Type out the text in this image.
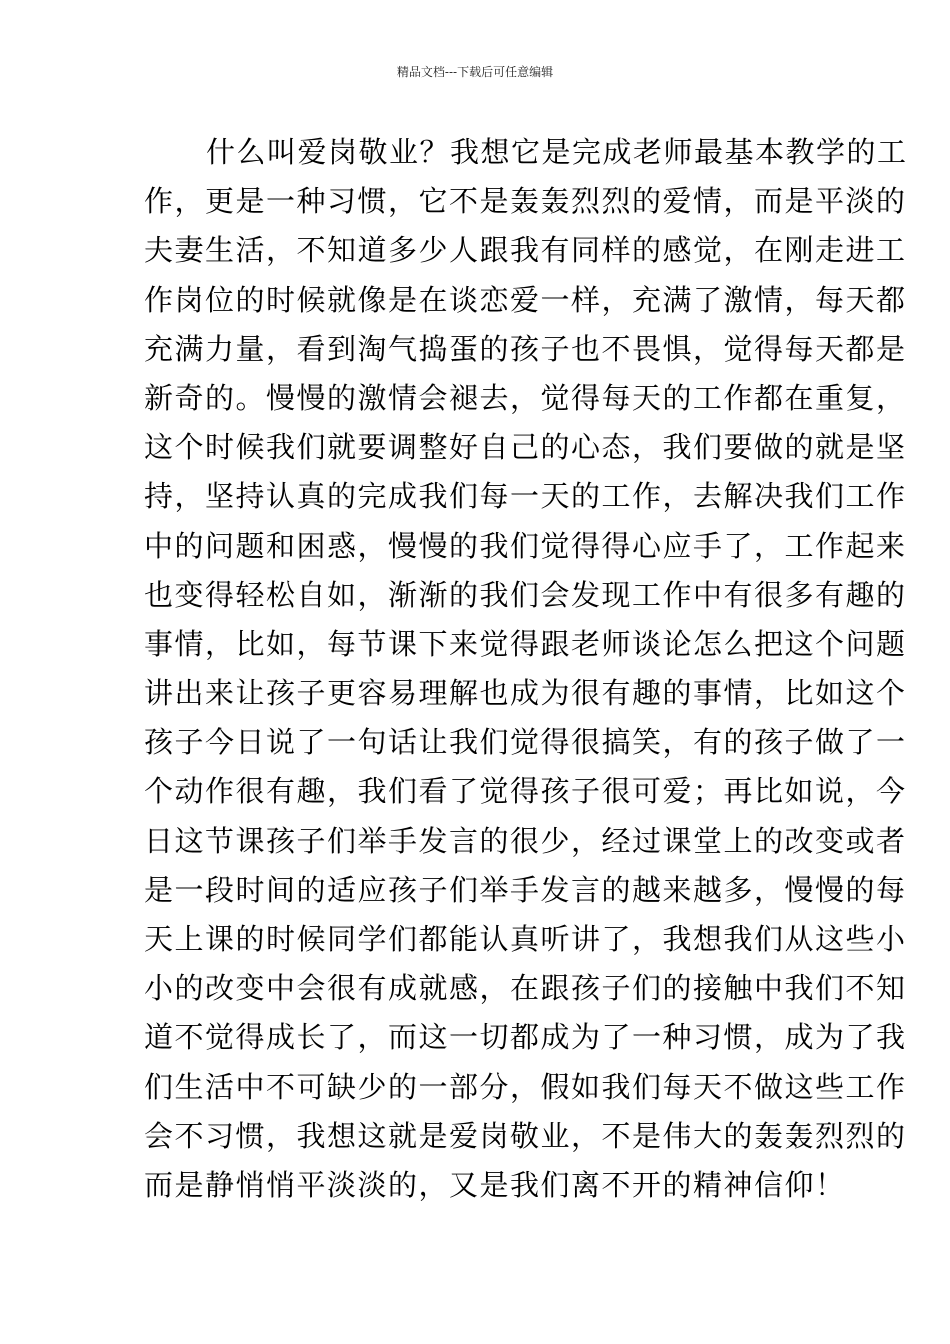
精品文档---下载后可任意编辑
什么叫爱岗敬业？我想它是完成老师最基本教学的工
作，更是一种习惯，它不是轰轰烈烈的爱情，而是平淡的
夫妻生活，不知道多少人跟我有同样的感觉，在刚走进工
作岗位的时候就像是在谈恋爱一样，充满了激情，每天都
充满力量，看到淘气捣蛋的孩子也不畏惧，觉得每天都是
新奇的。慢慢的激情会褪去，觉得每天的工作都在重复，
这个时候我们就要调整好自己的心态，我们要做的就是坚
持，坚持认真的完成我们每一天的工作，去解决我们工作
中的问题和困惑，慢慢的我们觉得得心应手了，工作起来
也变得轻松自如，渐渐的我们会发现工作中有很多有趣的
事情，比如，每节课下来觉得跟老师谈论怎么把这个问题
讲出来让孩子更容易理解也成为很有趣的事情，比如这个
孩子今日说了一句话让我们觉得很搞笑，有的孩子做了一
个动作很有趣，我们看了觉得孩子很可爱；再比如说，今
日这节课孩子们举手发言的很少，经过课堂上的改变或者
是一段时间的适应孩子们举手发言的越来越多，慢慢的每
天上课的时候同学们都能认真听讲了，我想我们从这些小
小的改变中会很有成就感，在跟孩子们的接触中我们不知
道不觉得成长了，而这一切都成为了一种习惯，成为了我
们生活中不可缺少的一部分，假如我们每天不做这些工作
会不习惯，我想这就是爱岗敬业，不是伟大的轰轰烈烈的
而是静悄悄平淡淡的，又是我们离不开的精神信仰！
